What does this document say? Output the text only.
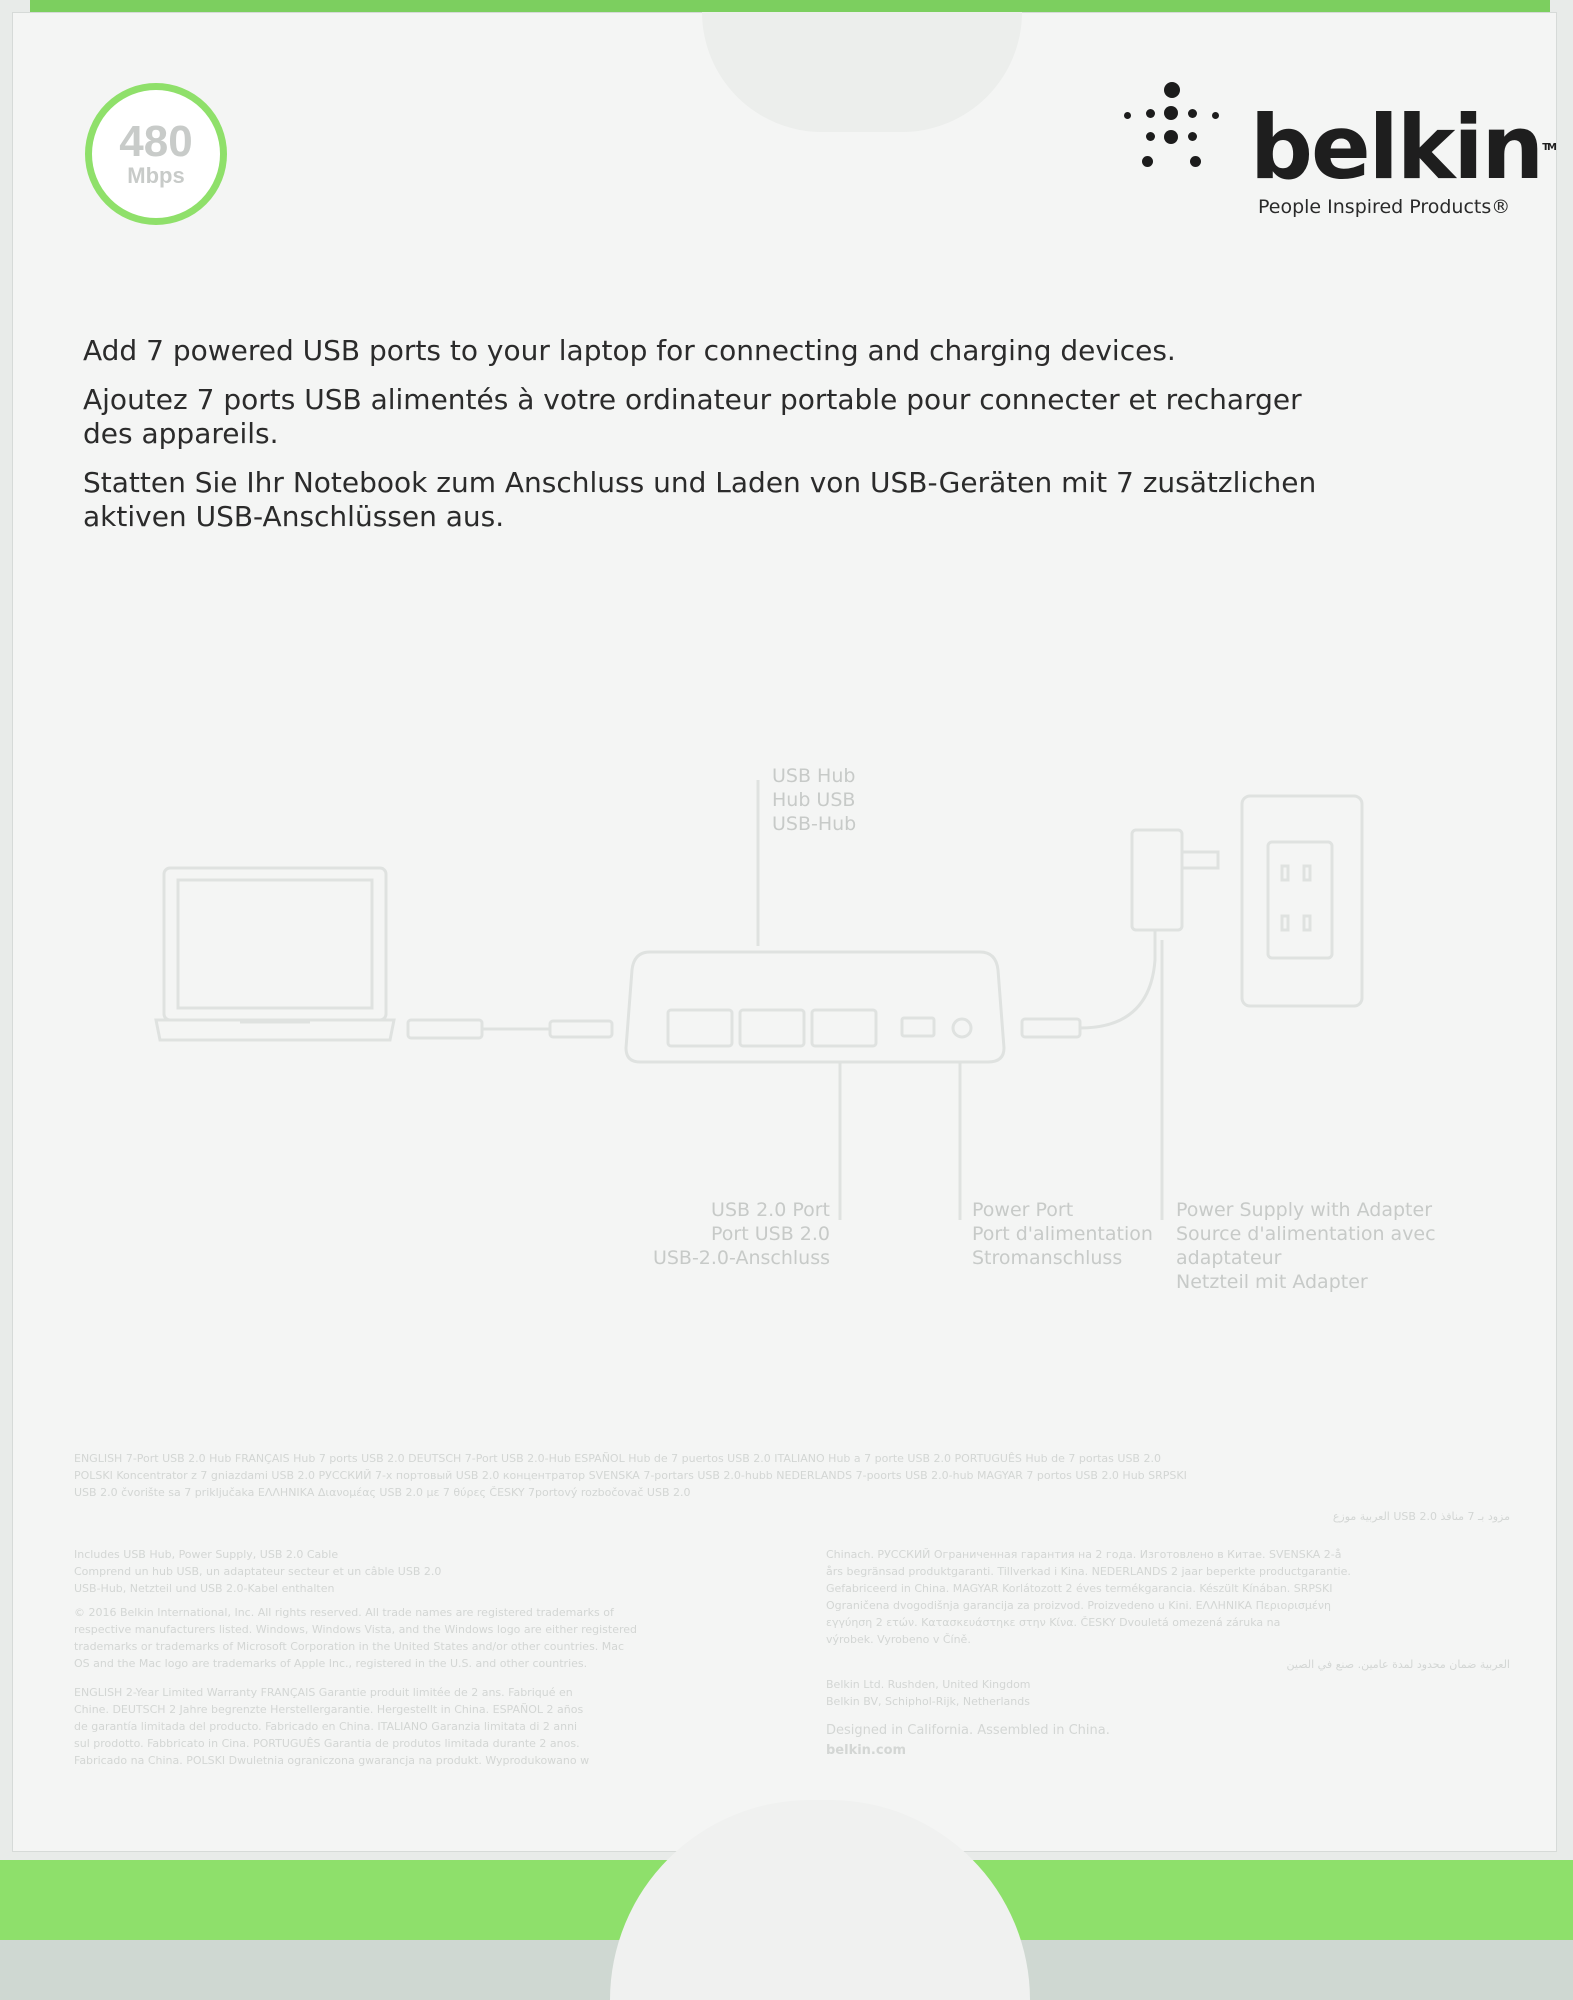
480
Mbps	belkinTM
People Inspired Products®
Add 7 powered USB ports to your laptop for connecting and charging devices.
Ajoutez 7 ports USB alimentés à votre ordinateur portable pour connecter et recharger des appareils.
Statten Sie Ihr Notebook zum Anschluss und Laden von USB-Geräten mit 7 zusätzlichen aktiven USB-Anschlüssen aus.
USB Hub
Hub USB
USB-Hub
USB 2.0 Port
Port USB 2.0
USB-2.0-Anschluss
Power Port
Port d'alimentation
Stromanschluss
Power Supply with Adapter
Source d'alimentation avec
adaptateur
Netzteil mit Adapter
ENGLISH 7-Port USB 2.0 Hub FRANÇAIS Hub 7 ports USB 2.0 DEUTSCH 7-Port USB 2.0-Hub ESPAÑOL Hub de 7 puertos USB 2.0 ITALIANO Hub a 7 porte USB 2.0 PORTUGUÊS Hub de 7 portas USB 2.0
POLSKI Koncentrator z 7 gniazdami USB 2.0 РУССКИЙ 7-х портовый USB 2.0 концентратор SVENSKA 7-portars USB 2.0-hubb NEDERLANDS 7-poorts USB 2.0-hub MAGYAR 7 portos USB 2.0 Hub SRPSKI
USB 2.0 čvorište sa 7 priključaka ΕΛΛΗΝΙΚΑ Διανομέας USB 2.0 με 7 θύρες ČESKY 7portový rozbočovač USB 2.0
العربية موزع USB 2.0 مزود بـ 7 منافذ
Includes USB Hub, Power Supply, USB 2.0 Cable
Comprend un hub USB, un adaptateur secteur et un câble USB 2.0
USB-Hub, Netzteil und USB 2.0-Kabel enthalten
© 2016 Belkin International, Inc. All rights reserved. All trade names are registered trademarks of
respective manufacturers listed. Windows, Windows Vista, and the Windows logo are either registered
trademarks or trademarks of Microsoft Corporation in the United States and/or other countries. Mac
OS and the Mac logo are trademarks of Apple Inc., registered in the U.S. and other countries.
ENGLISH 2-Year Limited Warranty FRANÇAIS Garantie produit limitée de 2 ans. Fabriqué en
Chine. DEUTSCH 2 Jahre begrenzte Herstellergarantie. Hergestellt in China. ESPAÑOL 2 años
de garantía limitada del producto. Fabricado en China. ITALIANO Garanzia limitata di 2 anni
sul prodotto. Fabbricato in Cina. PORTUGUÊS Garantia de produtos limitada durante 2 anos.
Fabricado na China. POLSKI Dwuletnia ograniczona gwarancja na produkt. Wyprodukowano w
Chinach. РУССКИЙ Ограниченная гарантия на 2 года. Изготовлено в Китае. SVENSKA 2-å
års begränsad produktgaranti. Tillverkad i Kina. NEDERLANDS 2 jaar beperkte productgarantie.
Gefabriceerd in China. MAGYAR Korlátozott 2 éves termékgarancia. Készült Kínában. SRPSKI
Ograničena dvogodišnja garancija za proizvod. Proizvedeno u Kini. ΕΛΛΗΝΙΚΑ Περιορισμένη
εγγύηση 2 ετών. Κατασκευάστηκε στην Κίνα. ČESKY Dvouletá omezená záruka na
výrobek. Vyrobeno v Číně.
العربية ضمان محدود لمدة عامين. صنع في الصين
Belkin Ltd. Rushden, United Kingdom
Belkin BV, Schiphol-Rijk, Netherlands
Designed in California. Assembled in China.
belkin.com
